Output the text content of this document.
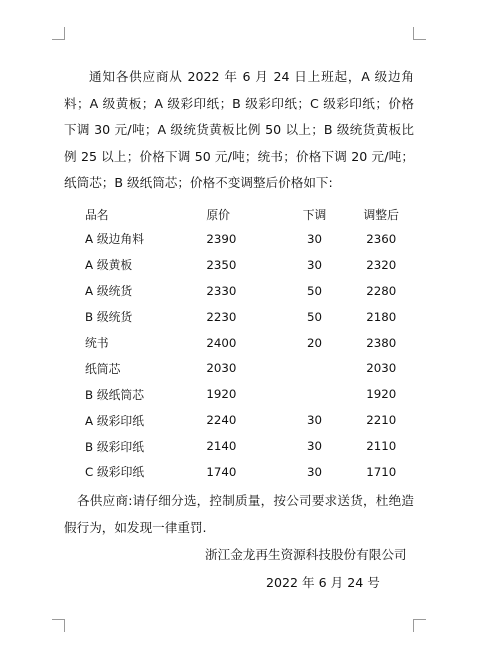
通知各供应商从 2022 年 6 月 24 日上班起，A 级边角料；A 级黄板；A 级彩印纸；B 级彩印纸；C 级彩印纸；价格下调 30 元/吨；A 级统货黄板比例 50 以上；B 级统货黄板比例 25 以上；价格下调 50 元/吨；统书；价格下调 20 元/吨；纸筒芯；B 级纸筒芯；价格不变调整后价格如下:
品名	原价	下调	调整后
A 级边角料	2390	30	2360
A 级黄板	2350	30	2320
A 级统货	2330	50	2280
B 级统货	2230	50	2180
统书	2400	20	2380
纸筒芯	2030		2030
B 级纸筒芯	1920		1920
A 级彩印纸	2240	30	2210
B 级彩印纸	2140	30	2110
C 级彩印纸	1740	30	1710
各供应商:请仔细分选，控制质量，按公司要求送货，杜绝造假行为，如发现一律重罚.
浙江金龙再生资源科技股份有限公司
2022 年 6 月 24 号
